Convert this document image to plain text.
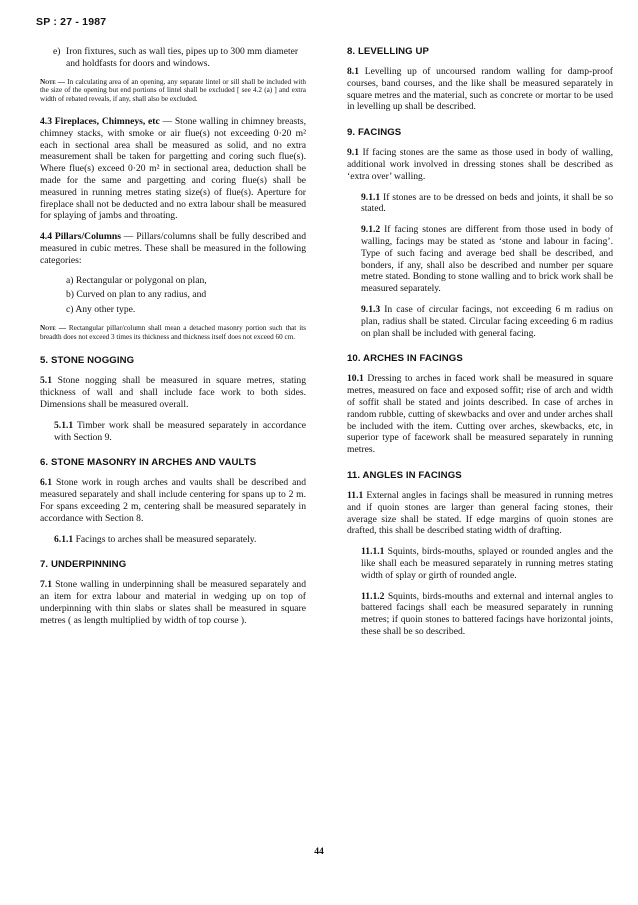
SP : 27 - 1987
e) Iron fixtures, such as wall ties, pipes up to 300 mm diameter and holdfasts for doors and windows.

Note — In calculating area of an opening, any separate lintel or sill shall be included with the size of the opening but end portions of lintel shall be excluded [ see 4.2 (a) ] and extra width of rebated reveals, if any, shall also be excluded.

4.3 Fireplaces, Chimneys, etc — Stone walling in chimney breasts, chimney stacks, with smoke or air flue(s) not exceeding 0·20 m² each in sectional area shall be measured as solid, and no extra measurement shall be taken for pargetting and coring such flue(s). Where flue(s) exceed 0·20 m² in sectional area, deduction shall be made for the same and pargetting and coring flue(s) shall be measured in running metres stating size(s) of flue(s). Aperture for fireplace shall not be deducted and no extra labour shall be measured for splaying of jambs and throating.

4.4 Pillars/Columns — Pillars/columns shall be fully described and measured in cubic metres. These shall be measured in the following categories:

a) Rectangular or polygonal on plan,
b) Curved on plan to any radius, and
c) Any other type.

Note — Rectangular pillar/column shall mean a detached masonry portion such that its breadth does not exceed 3 times its thickness and thickness itself does not exceed 60 cm.

5. STONE NOGGING

5.1 Stone nogging shall be measured in square metres, stating thickness of wall and shall include face work to both sides. Dimensions shall be measured overall.

5.1.1 Timber work shall be measured separately in accordance with Section 9.

6. STONE MASONRY IN ARCHES AND VAULTS

6.1 Stone work in rough arches and vaults shall be described and measured separately and shall include centering for spans up to 2 m. For spans exceeding 2 m, centering shall be measured separately in accordance with Section 8.

6.1.1 Facings to arches shall be measured separately.

7. UNDERPINNING

7.1 Stone walling in underpinning shall be measured separately and an item for extra labour and material in wedging up on top of underpinning with thin slabs or slates shall be measured in square metres ( as length multiplied by width of top course ).

8. LEVELLING UP

8.1 Levelling up of uncoursed random walling for damp-proof courses, band courses, and the like shall be measured separately in square metres and the material, such as concrete or mortar to be used in levelling up shall be described.

9. FACINGS

9.1 If facing stones are the same as those used in body of walling, additional work involved in dressing stones shall be described as ‘extra over’ walling.

9.1.1 If stones are to be dressed on beds and joints, it shall be so stated.

9.1.2 If facing stones are different from those used in body of walling, facings may be stated as ‘stone and labour in facing’. Type of such facing and average bed shall be described, and bonders, if any, shall also be described and number per square metre stated. Bonding to stone walling and to brick work shall be measured separately.

9.1.3 In case of circular facings, not exceeding 6 m radius on plan, radius shall be stated. Circular facing exceeding 6 m radius on plan shall be included with general facing.

10. ARCHES IN FACINGS

10.1 Dressing to arches in faced work shall be measured in square metres, measured on face and exposed soffit; rise of arch and width of soffit shall be stated and joints described. In case of arches in random rubble, cutting of skewbacks and over and under arches shall be included with the item. Cutting over arches, skewbacks, etc, in superior type of facework shall be measured separately in running metres.

11. ANGLES IN FACINGS

11.1 External angles in facings shall be measured in running metres and if quoin stones are larger than general facing stones, their average size shall be stated. If edge margins of quoin stones are drafted, this shall be described stating width of drafting.

11.1.1 Squints, birds-mouths, splayed or rounded angles and the like shall each be measured separately in running metres stating width of splay or girth of rounded angle.

11.1.2 Squints, birds-mouths and external and internal angles to battered facings shall each be measured separately in running metres; if quoin stones to battered facings have horizontal joints, these shall be so described.

44
